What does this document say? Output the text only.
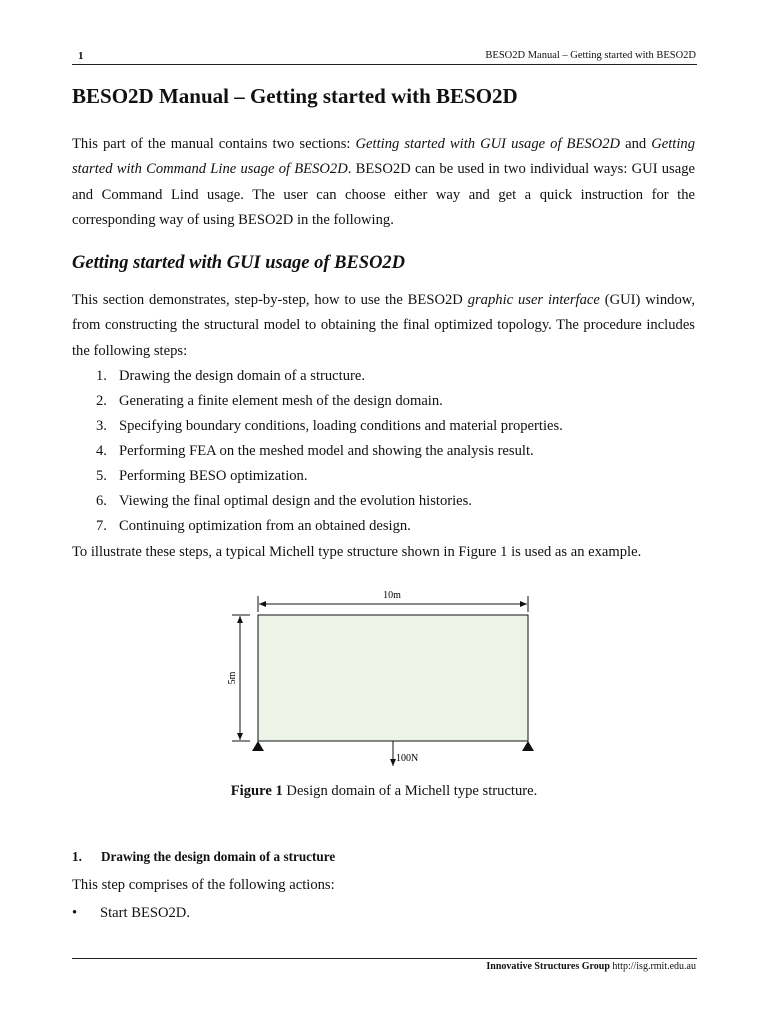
1	BESO2D Manual – Getting started with BESO2D
BESO2D Manual – Getting started with BESO2D

This part of the manual contains two sections: Getting started with GUI usage of BESO2D and Getting started with Command Line usage of BESO2D. BESO2D can be used in two individual ways: GUI usage and Command Lind usage. The user can choose either way and get a quick instruction for the corresponding way of using BESO2D in the following.

Getting started with GUI usage of BESO2D

This section demonstrates, step-by-step, how to use the BESO2D graphic user interface (GUI) window, from constructing the structural model to obtaining the final optimized topology. The procedure includes the following steps:

1. Drawing the design domain of a structure.
2. Generating a finite element mesh of the design domain.
3. Specifying boundary conditions, loading conditions and material properties.
4. Performing FEA on the meshed model and showing the analysis result.
5. Performing BESO optimization.
6. Viewing the final optimal design and the evolution histories.
7. Continuing optimization from an obtained design.

To illustrate these steps, a typical Michell type structure shown in Figure 1 is used as an example.

10m
5m
100N
Figure 1 Design domain of a Michell type structure.
1. Drawing the design domain of a structure

This step comprises of the following actions:

• Start BESO2D.
Innovative Structures Group http://isg.rmit.edu.au
